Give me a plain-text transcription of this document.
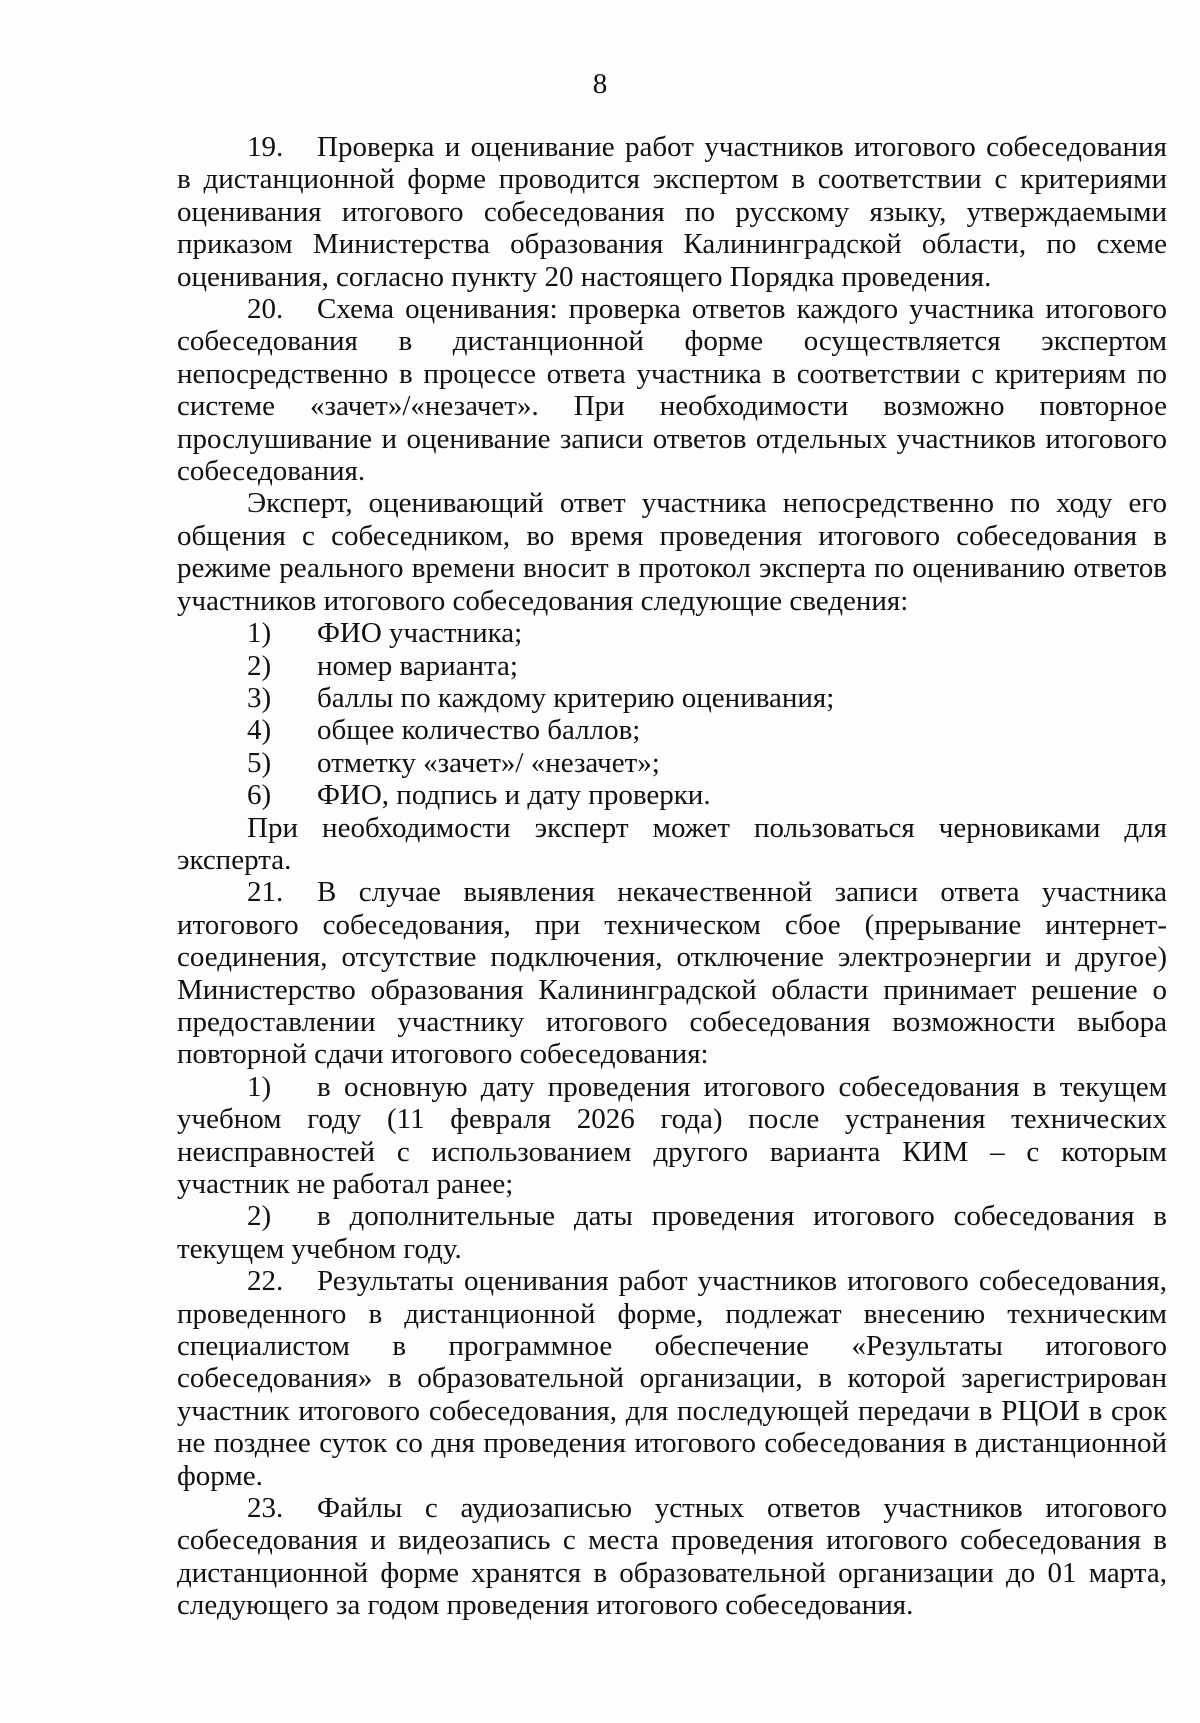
8

19. Проверка и оценивание работ участников итогового собеседования в дистанционной форме проводится экспертом в соответствии с критериями оценивания итогового собеседования по русскому языку, утверждаемыми приказом Министерства образования Калининградской области, по схеме оценивания, согласно пункту 20 настоящего Порядка проведения.

20. Схема оценивания: проверка ответов каждого участника итогового собеседования в дистанционной форме осуществляется экспертом непосредственно в процессе ответа участника в соответствии с критериям по системе «зачет»/«незачет». При необходимости возможно повторное прослушивание и оценивание записи ответов отдельных участников итогового собеседования.

Эксперт, оценивающий ответ участника непосредственно по ходу его общения с собеседником, во время проведения итогового собеседования в режиме реального времени вносит в протокол эксперта по оцениванию ответов участников итогового собеседования следующие сведения:

1)	ФИО участника;
2)	номер варианта;
3)	баллы по каждому критерию оценивания;
4)	общее количество баллов;
5)	отметку «зачет»/ «незачет»;
6)	ФИО, подпись и дату проверки.

При необходимости эксперт может пользоваться черновиками для эксперта.

21. В случае выявления некачественной записи ответа участника итогового собеседования, при техническом сбое (прерывание интернет-соединения, отсутствие подключения, отключение электроэнергии и другое) Министерство образования Калининградской области принимает решение о предоставлении участнику итогового собеседования возможности выбора повторной сдачи итогового собеседования:

1) в основную дату проведения итогового собеседования в текущем учебном году (11 февраля 2026 года) после устранения технических неисправностей с использованием другого варианта КИМ – с которым участник не работал ранее;

2) в дополнительные даты проведения итогового собеседования в текущем учебном году.

22. Результаты оценивания работ участников итогового собеседования, проведенного в дистанционной форме, подлежат внесению техническим специалистом в программное обеспечение «Результаты итогового собеседования» в образовательной организации, в которой зарегистрирован участник итогового собеседования, для последующей передачи в РЦОИ в срок не позднее суток со дня проведения итогового собеседования в дистанционной форме.

23. Файлы с аудиозаписью устных ответов участников итогового собеседования и видеозапись с места проведения итогового собеседования в дистанционной форме хранятся в образовательной организации до 01 марта, следующего за годом проведения итогового собеседования.
